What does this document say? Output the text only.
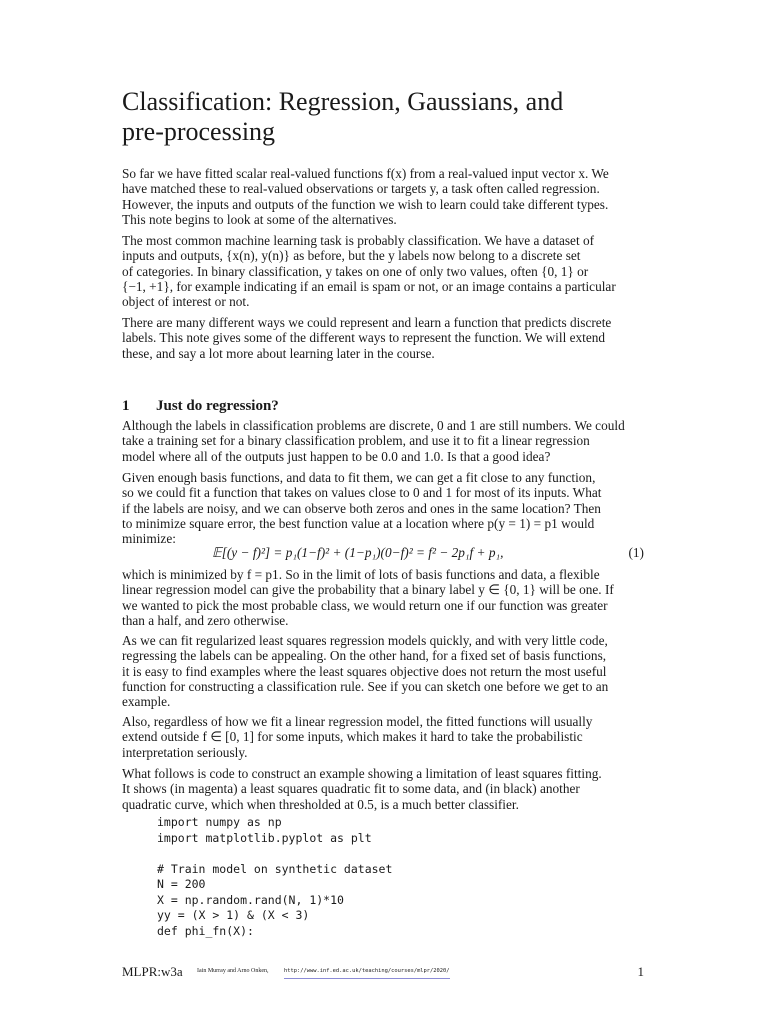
Classification: Regression, Gaussians, and
pre-processing

So far we have fitted scalar real-valued functions f(x) from a real-valued input vector x. We
have matched these to real-valued observations or targets y, a task often called regression.
However, the inputs and outputs of the function we wish to learn could take different types.
This note begins to look at some of the alternatives.

The most common machine learning task is probably classification. We have a dataset of
inputs and outputs, {x(n), y(n)} as before, but the y labels now belong to a discrete set
of categories. In binary classification, y takes on one of only two values, often {0, 1} or
{−1, +1}, for example indicating if an email is spam or not, or an image contains a particular
object of interest or not.

There are many different ways we could represent and learn a function that predicts discrete
labels. This note gives some of the different ways to represent the function. We will extend
these, and say a lot more about learning later in the course.

1 Just do regression?

Although the labels in classification problems are discrete, 0 and 1 are still numbers. We could
take a training set for a binary classification problem, and use it to fit a linear regression
model where all of the outputs just happen to be 0.0 and 1.0. Is that a good idea?

Given enough basis functions, and data to fit them, we can get a fit close to any function,
so we could fit a function that takes on values close to 0 and 1 for most of its inputs. What
if the labels are noisy, and we can observe both zeros and ones in the same location? Then
to minimize square error, the best function value at a location where p(y = 1) = p1 would
minimize:

𝔼[(y − f)²] = p₁(1−f)² + (1−p₁)(0−f)² = f² − 2p₁f + p₁,	(1)

which is minimized by f = p1. So in the limit of lots of basis functions and data, a flexible
linear regression model can give the probability that a binary label y ∈ {0, 1} will be one. If
we wanted to pick the most probable class, we would return one if our function was greater
than a half, and zero otherwise.

As we can fit regularized least squares regression models quickly, and with very little code,
regressing the labels can be appealing. On the other hand, for a fixed set of basis functions,
it is easy to find examples where the least squares objective does not return the most useful
function for constructing a classification rule. See if you can sketch one before we get to an
example.

Also, regardless of how we fit a linear regression model, the fitted functions will usually
extend outside f ∈ [0, 1] for some inputs, which makes it hard to take the probabilistic
interpretation seriously.

What follows is code to construct an example showing a limitation of least squares fitting.
It shows (in magenta) a least squares quadratic fit to some data, and (in black) another
quadratic curve, which when thresholded at 0.5, is a much better classifier.

import numpy as np
import matplotlib.pyplot as plt
# Train model on synthetic dataset
N = 200
X = np.random.rand(N, 1)*10
yy = (X > 1) & (X < 3)
def phi_fn(X):
MLPR:w3a Iain Murray and Arno Onken,	http://www.inf.ed.ac.uk/teaching/courses/mlpr/2020/	1
